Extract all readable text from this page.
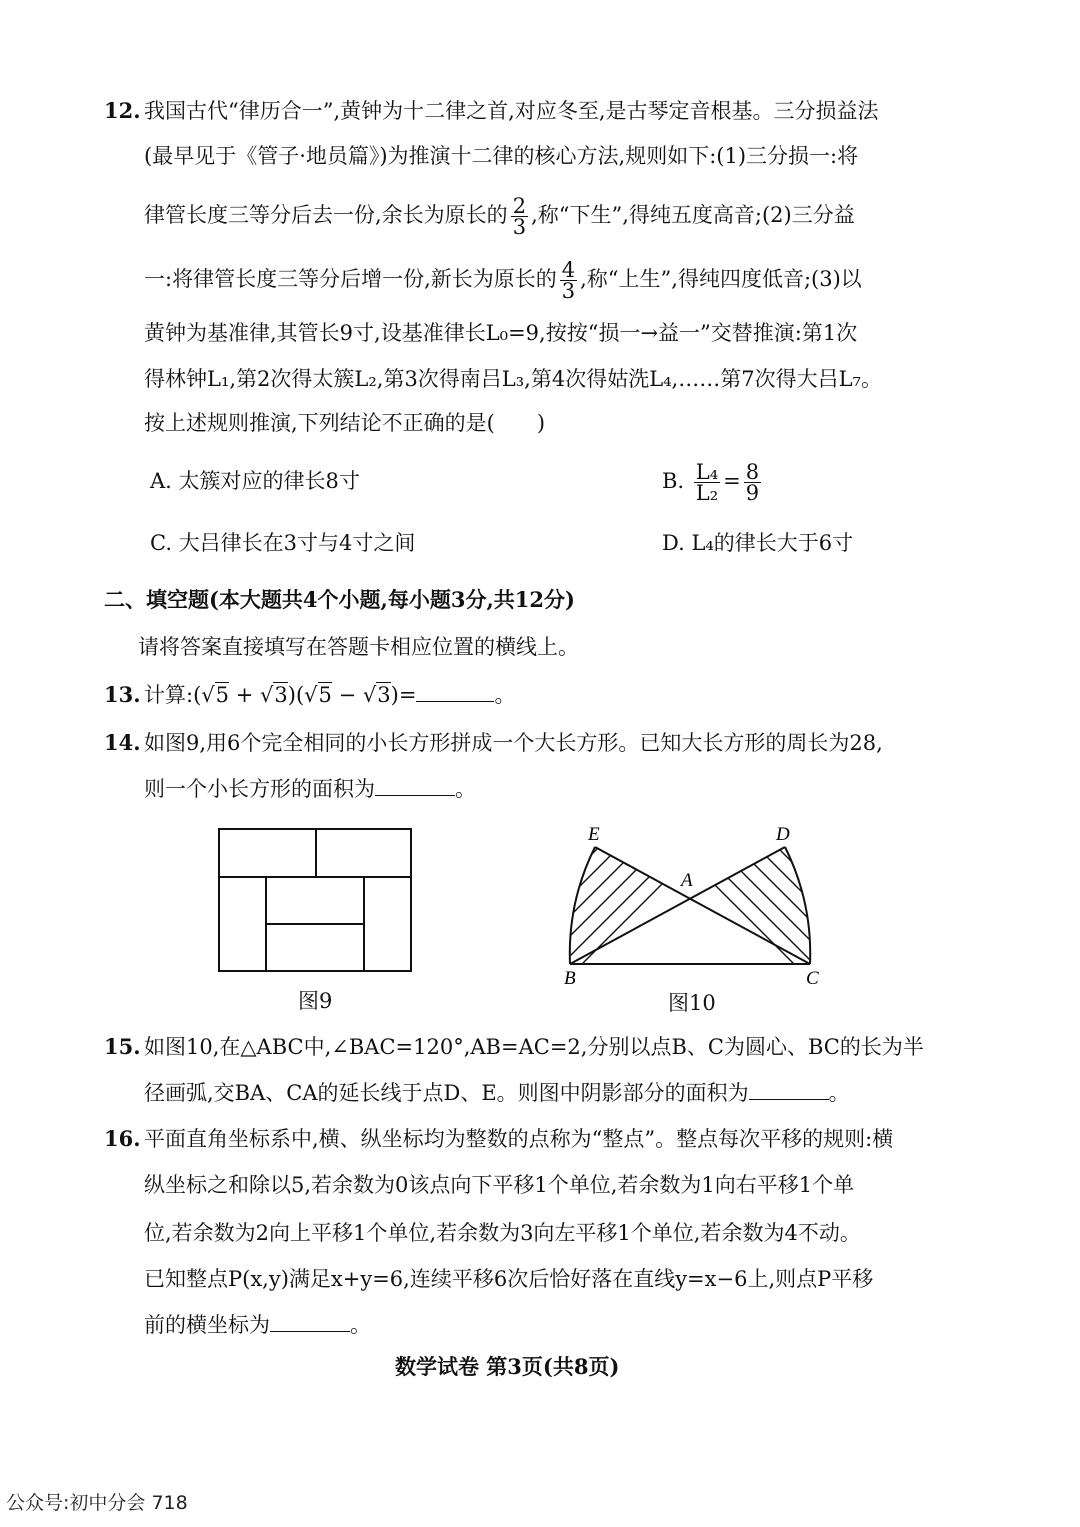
12. 我国古代“律历合一”,黄钟为十二律之首,对应冬至,是古琴定音根基。三分损益法
(最早见于《管子·地员篇》)为推演十二律的核心方法,规则如下:(1)三分损一:将
律管长度三等分后去一份,余长为原长的 $\frac{2}{3}$ ,称“下生”,得纯五度高音;(2)三分益
一:将律管长度三等分后增一份,新长为原长的 $\frac{4}{3}$ ,称“上生”,得纯四度低音;(3)以
黄钟为基准律,其管长9寸,设基准律长L₀=9,按按“损一→益一”交替推演:第1次
得林钟L₁,第2次得太簇L₂,第3次得南吕L₃,第4次得姑洗L₄,……第7次得大吕L₇。
按上述规则推演,下列结论不正确的是(　　)
A. 太簇对应的律长8寸	B. $\frac{\text{L₄}}{\text{L₂}} = \frac{8}{9}$
C. 大吕律长在3寸与4寸之间	D. L₄的律长大于6寸
二、填空题(本大题共4个小题,每小题3分,共12分)
请将答案直接填写在答题卡相应位置的横线上。
13. 计算:(√5 + √3)(√5 − √3)=	。
14. 如图9,用6个完全相同的小长方形拼成一个大长方形。已知大长方形的周长为28,
则一个小长方形的面积为	。
图9
E	D
A
B	C
图10
15. 如图10,在△ABC中,∠BAC=120°,AB=AC=2,分别以点B、C为圆心、BC的长为半
径画弧,交BA、CA的延长线于点D、E。则图中阴影部分的面积为	。
16. 平面直角坐标系中,横、纵坐标均为整数的点称为“整点”。整点每次平移的规则:横
纵坐标之和除以5,若余数为0该点向下平移1个单位,若余数为1向右平移1个单
位,若余数为2向上平移1个单位,若余数为3向左平移1个单位,若余数为4不动。
已知整点P(x,y)满足x+y=6,连续平移6次后恰好落在直线y=x−6上,则点P平移
前的横坐标为	。
数学试卷 第3页(共8页)
公众号:初中分会 718
